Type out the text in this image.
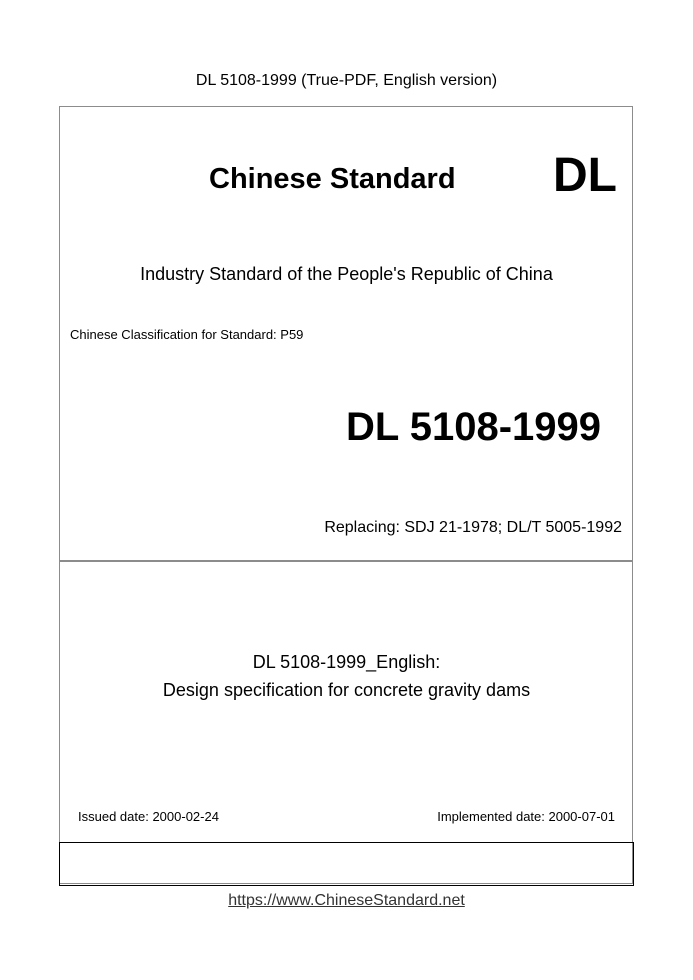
DL 5108-1999 (True-PDF, English version)
Chinese Standard DL
Industry Standard of the People's Republic of China
Chinese Classification for Standard: P59
DL 5108-1999
Replacing: SDJ 21-1978; DL/T 5005-1992
DL 5108-1999_English:
Design specification for concrete gravity dams
Issued date: 2000-02-24	Implemented date: 2000-07-01
https://www.ChineseStandard.net
